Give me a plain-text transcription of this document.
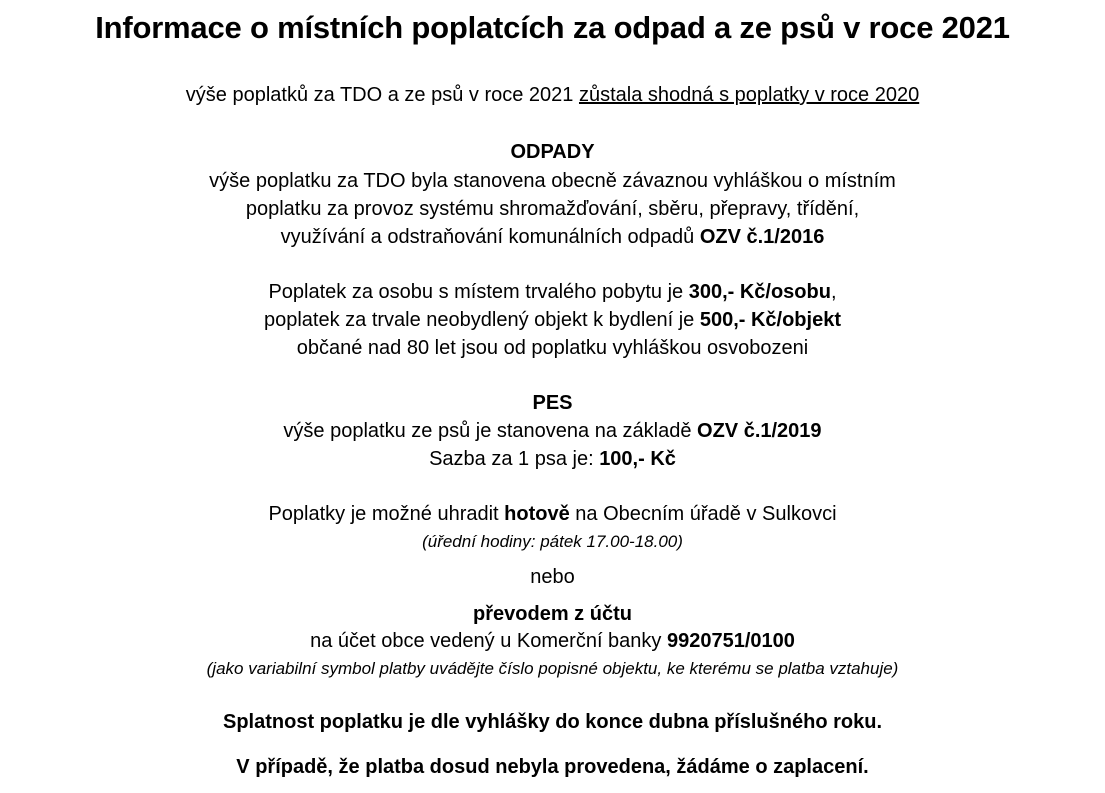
Informace o místních poplatcích za odpad a ze psů v roce 2021
výše poplatků za TDO a ze psů v roce 2021 zůstala shodná s poplatky v roce 2020
ODPADY
výše poplatku za TDO byla stanovena obecně závaznou vyhláškou o místním
poplatku za provoz systému shromažďování, sběru, přepravy, třídění,
využívání a odstraňování komunálních odpadů OZV č.1/2016
Poplatek za osobu s místem trvalého pobytu je 300,- Kč/osobu,
poplatek za trvale neobydlený objekt k bydlení je 500,- Kč/objekt
občané nad 80 let jsou od poplatku vyhláškou osvobozeni
PES
výše poplatku ze psů je stanovena na základě OZV č.1/2019
Sazba za 1 psa je: 100,- Kč
Poplatky je možné uhradit hotově na Obecním úřadě v Sulkovci
(úřední hodiny: pátek 17.00-18.00)
nebo
převodem z účtu
na účet obce vedený u Komerční banky 9920751/0100
(jako variabilní symbol platby uvádějte číslo popisné objektu, ke kterému se platba vztahuje)
Splatnost poplatku je dle vyhlášky do konce dubna příslušného roku.
V případě, že platba dosud nebyla provedena, žádáme o zaplacení.
